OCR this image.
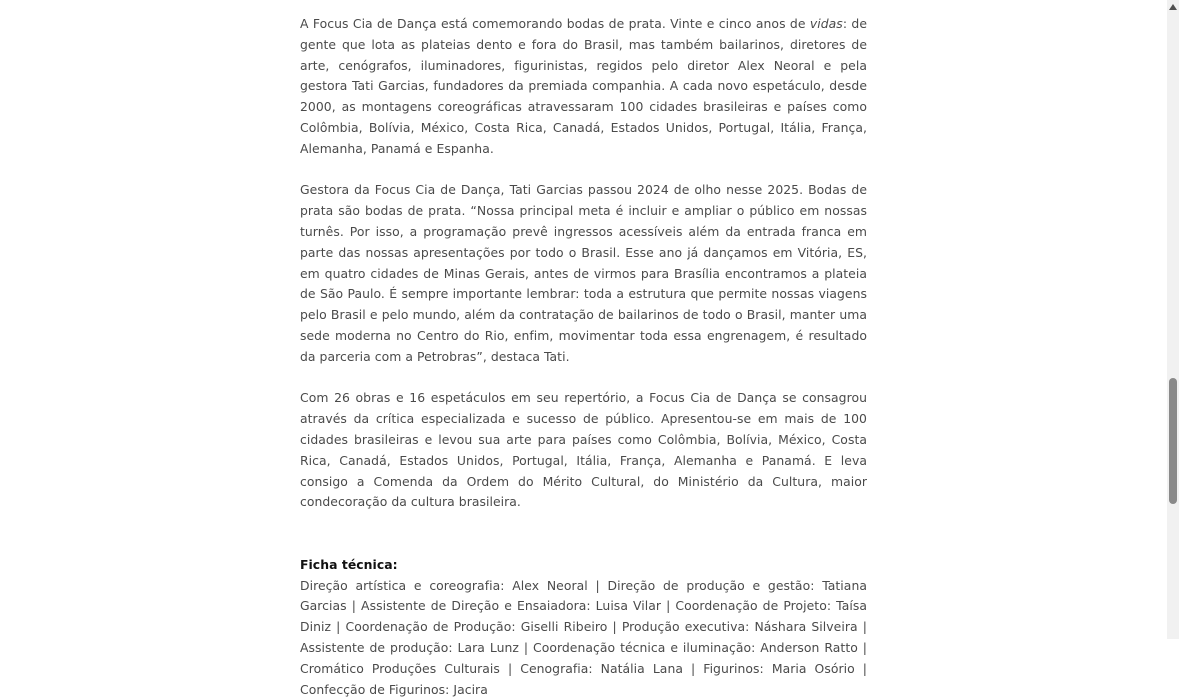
A Focus Cia de Dança está comemorando bodas de prata. Vinte e cinco anos de vidas: de gente que lota as plateias dento e fora do Brasil, mas também bailarinos, diretores de arte, cenógrafos, iluminadores, figurinistas, regidos pelo diretor Alex Neoral e pela gestora Tati Garcias, fundadores da premiada companhia. A cada novo espetáculo, desde 2000, as montagens coreográficas atravessaram 100 cidades brasileiras e países como Colômbia, Bolívia, México, Costa Rica, Canadá, Estados Unidos, Portugal, Itália, França, Alemanha, Panamá e Espanha.

Gestora da Focus Cia de Dança, Tati Garcias passou 2024 de olho nesse 2025. Bodas de prata são bodas de prata. “Nossa principal meta é incluir e ampliar o público em nossas turnês. Por isso, a programação prevê ingressos acessíveis além da entrada franca em parte das nossas apresentações por todo o Brasil. Esse ano já dançamos em Vitória, ES, em quatro cidades de Minas Gerais, antes de virmos para Brasília encontramos a plateia de São Paulo. É sempre importante lembrar: toda a estrutura que permite nossas viagens pelo Brasil e pelo mundo, além da contratação de bailarinos de todo o Brasil, manter uma sede moderna no Centro do Rio, enfim, movimentar toda essa engrenagem, é resultado da parceria com a Petrobras”, destaca Tati.

Com 26 obras e 16 espetáculos em seu repertório, a Focus Cia de Dança se consagrou através da crítica especializada e sucesso de público. Apresentou-se em mais de 100 cidades brasileiras e levou sua arte para países como Colômbia, Bolívia, México, Costa Rica, Canadá, Estados Unidos, Portugal, Itália, França, Alemanha e Panamá. E leva consigo a Comenda da Ordem do Mérito Cultural, do Ministério da Cultura, maior condecoração da cultura brasileira.

Ficha técnica:

Direção artística e coreografia: Alex Neoral | Direção de produção e gestão: Tatiana Garcias | Assistente de Direção e Ensaiadora: Luisa Vilar | Coordenação de Projeto: Taísa Diniz | Coordenação de Produção: Giselli Ribeiro | Produção executiva: Náshara Silveira | Assistente de produção: Lara Lunz | Coordenação técnica e iluminação: Anderson Ratto | Cromático Produções Culturais | Cenografia: Natália Lana | Figurinos: Maria Osório | Confecção de Figurinos: Jacira
